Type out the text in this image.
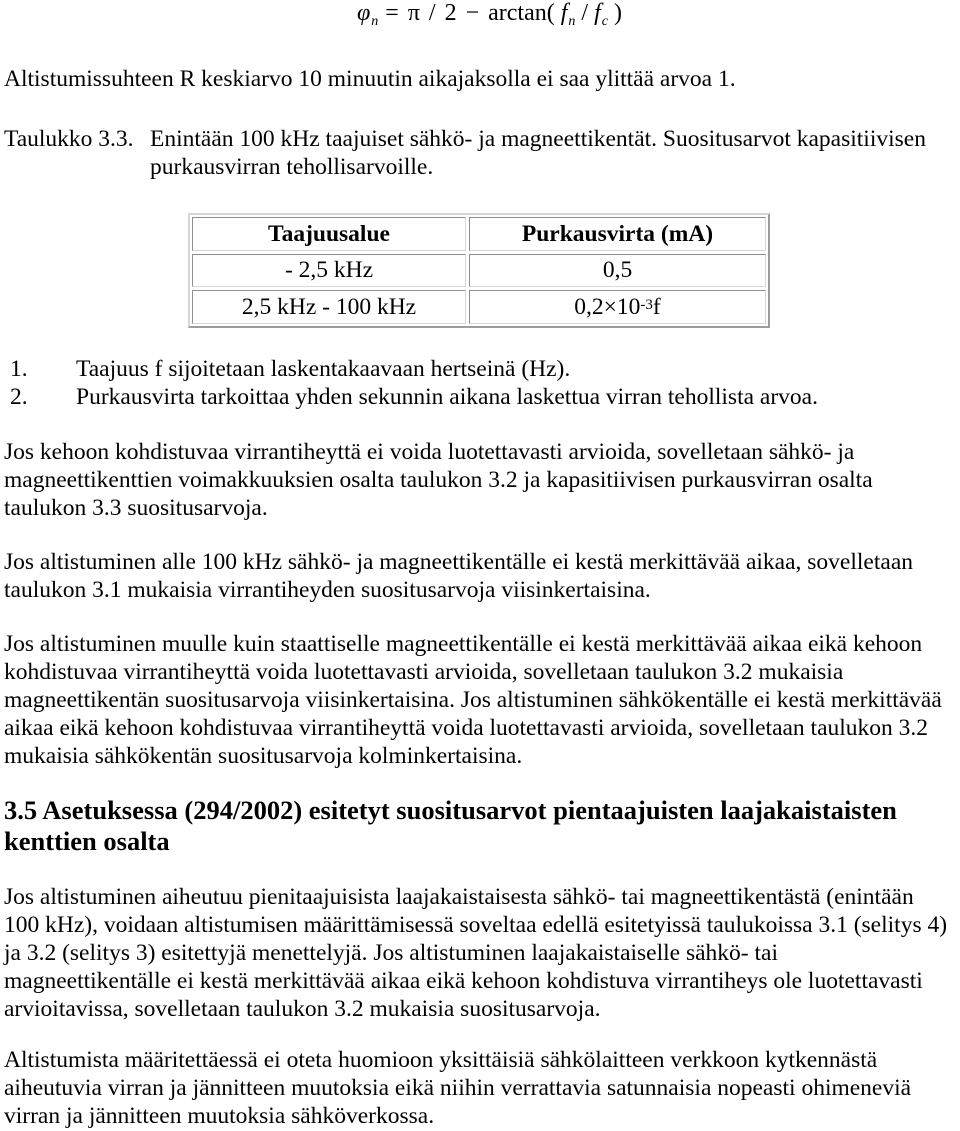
$\varphi_n = \pi / 2 - \arctan$( $f_n / f_c$ )
Altistumissuhteen R keskiarvo 10 minuutin aikajaksolla ei saa ylittää arvoa 1.
Taulukko 3.3. Enintään 100 kHz taajuiset sähkö- ja magneettikentät. Suositusarvot kapasitiivisen
purkausvirran tehollisarvoille.
Taajuusalue	Purkausvirta (mA)
- 2,5 kHz	0,5
2,5 kHz - 100 kHz	$0,2\times 10^{-3}$ f
1. Taajuus f sijoitetaan laskentakaavaan hertseinä (Hz).
2. Purkausvirta tarkoittaa yhden sekunnin aikana laskettua virran tehollista arvoa.
Jos kehoon kohdistuvaa virrantiheyttä ei voida luotettavasti arvioida, sovelletaan sähkö- ja
magneettikenttien voimakkuuksien osalta taulukon 3.2 ja kapasitiivisen purkausvirran osalta
taulukon 3.3 suositusarvoja.
Jos altistuminen alle 100 kHz sähkö- ja magneettikentälle ei kestä merkittävää aikaa, sovelletaan
taulukon 3.1 mukaisia virrantiheyden suositusarvoja viisinkertaisina.
Jos altistuminen muulle kuin staattiselle magneettikentälle ei kestä merkittävää aikaa eikä kehoon
kohdistuvaa virrantiheyttä voida luotettavasti arvioida, sovelletaan taulukon 3.2 mukaisia
magneettikentän suositusarvoja viisinkertaisina. Jos altistuminen sähkökentälle ei kestä merkittävää
aikaa eikä kehoon kohdistuvaa virrantiheyttä voida luotettavasti arvioida, sovelletaan taulukon 3.2
mukaisia sähkökentän suositusarvoja kolminkertaisina.
3.5 Asetuksessa (294/2002) esitetyt suositusarvot pientaajuisten laajakaistaisten
kenttien osalta
Jos altistuminen aiheutuu pienitaajuisista laajakaistaisesta sähkö- tai magneettikentästä (enintään
100 kHz), voidaan altistumisen määrittämisessä soveltaa edellä esitetyissä taulukoissa 3.1 (selitys 4)
ja 3.2 (selitys 3) esitettyjä menettelyjä. Jos altistuminen laajakaistaiselle sähkö- tai
magneettikentälle ei kestä merkittävää aikaa eikä kehoon kohdistuva virrantiheys ole luotettavasti
arvioitavissa, sovelletaan taulukon 3.2 mukaisia suositusarvoja.
Altistumista määritettäessä ei oteta huomioon yksittäisiä sähkölaitteen verkkoon kytkennästä
aiheutuvia virran ja jännitteen muutoksia eikä niihin verrattavia satunnaisia nopeasti ohimeneviä
virran ja jännitteen muutoksia sähköverkossa.
